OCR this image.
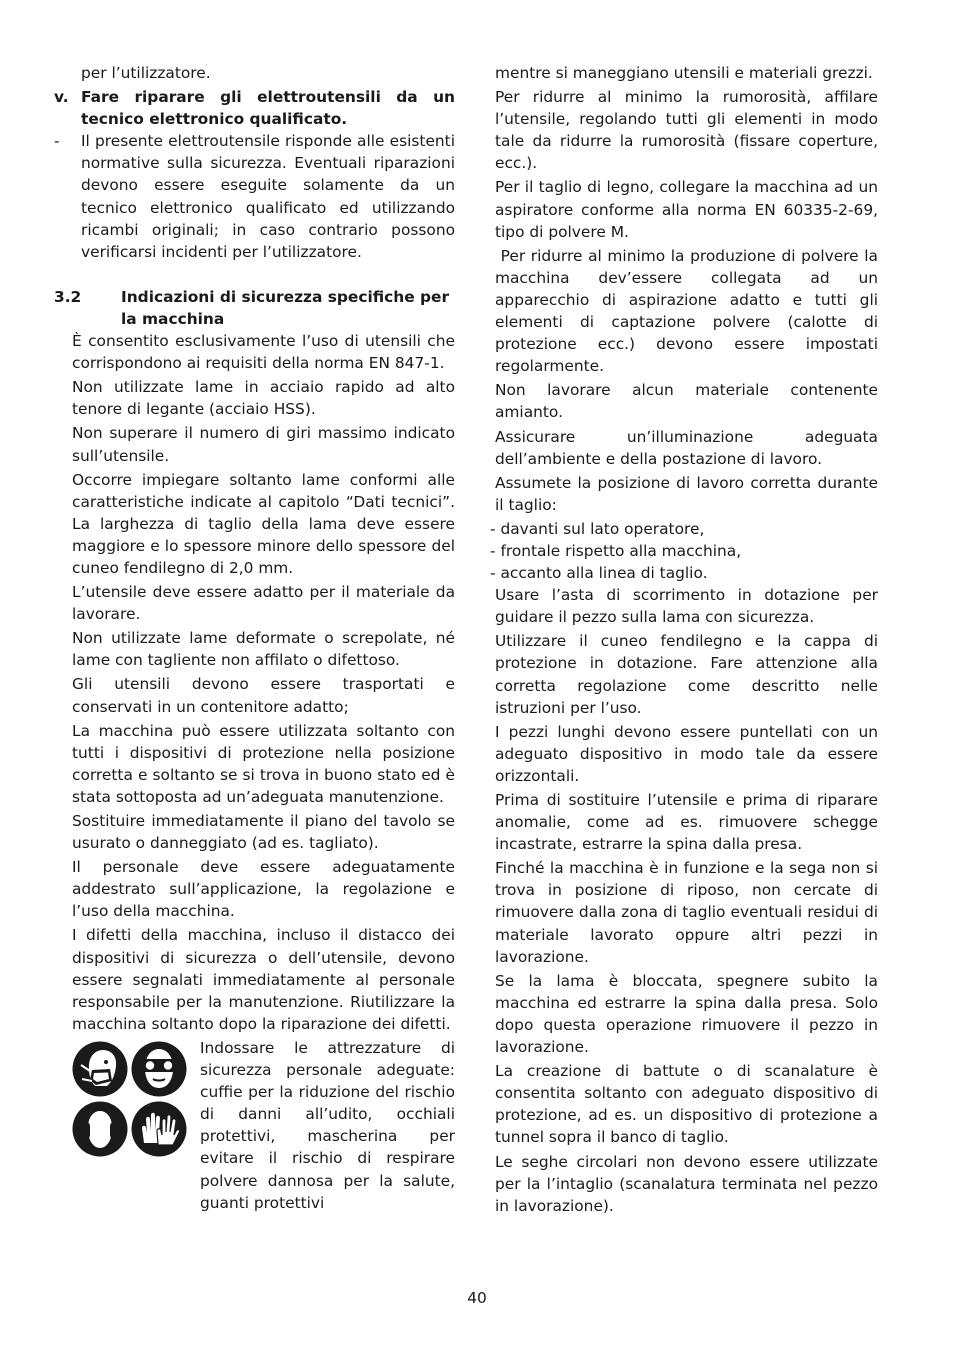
per l’utilizzatore.

v. Fare riparare gli elettroutensili da un tecnico elettronico qualificato.
- Il presente elettroutensile risponde alle esistenti normative sulla sicurezza. Eventuali riparazioni devono essere eseguite solamente da un tecnico elettronico qualificato ed utilizzando ricambi originali; in caso contrario possono verificarsi incidenti per l’utilizzatore.
3.2	Indicazioni di sicurezza specifiche per la macchina

È consentito esclusivamente l’uso di utensili che corrispondono ai requisiti della norma EN 847-1.

Non utilizzate lame in acciaio rapido ad alto tenore di legante (acciaio HSS).

Non superare il numero di giri massimo indicato sull’utensile.

Occorre impiegare soltanto lame conformi alle caratteristiche indicate al capitolo “Dati tecnici”. La larghezza di taglio della lama deve essere maggiore e lo spessore minore dello spessore del cuneo fendilegno di 2,0 mm.

L’utensile deve essere adatto per il materiale da lavorare.

Non utilizzate lame deformate o screpolate, né lame con tagliente non affilato o difettoso.

Gli utensili devono essere trasportati e conservati in un contenitore adatto;

La macchina può essere utilizzata soltanto con tutti i dispositivi di protezione nella posizione corretta e soltanto se si trova in buono stato ed è stata sottoposta ad un’adeguata manutenzione.

Sostituire immediatamente il piano del tavolo se usurato o danneggiato (ad es. tagliato).

Il personale deve essere adeguatamente addestrato sull’applicazione, la regolazione e l’uso della macchina.

I difetti della macchina, incluso il distacco dei dispositivi di sicurezza o dell’utensile, devono essere segnalati immediatamente al personale responsabile per la manutenzione. Riutilizzare la macchina soltanto dopo la riparazione dei difetti.

Indossare le attrezzature di sicurezza personale adeguate: cuffie per la riduzione del rischio di danni all’udito, occhiali protettivi, mascherina per evitare il rischio di respirare polvere dannosa per la salute, guanti protettivi

mentre si maneggiano utensili e materiali grezzi.

Per ridurre al minimo la rumorosità, affilare l’utensile, regolando tutti gli elementi in modo tale da ridurre la rumorosità (fissare coperture, ecc.).

Per il taglio di legno, collegare la macchina ad un aspiratore conforme alla norma EN 60335-2-69, tipo di polvere M.

Per ridurre al minimo la produzione di polvere la macchina dev’essere collegata ad un apparecchio di aspirazione adatto e tutti gli elementi di captazione polvere (calotte di protezione ecc.) devono essere impostati regolarmente.

Non lavorare alcun materiale contenente amianto.

Assicurare un’illuminazione adeguata dell’ambiente e della postazione di lavoro.

Assumete la posizione di lavoro corretta durante il taglio:

- davanti sul lato operatore,

- frontale rispetto alla macchina,

- accanto alla linea di taglio.

Usare l’asta di scorrimento in dotazione per guidare il pezzo sulla lama con sicurezza.

Utilizzare il cuneo fendilegno e la cappa di protezione in dotazione. Fare attenzione alla corretta regolazione come descritto nelle istruzioni per l’uso.

I pezzi lunghi devono essere puntellati con un adeguato dispositivo in modo tale da essere orizzontali.

Prima di sostituire l’utensile e prima di riparare anomalie, come ad es. rimuovere schegge incastrate, estrarre la spina dalla presa.

Finché la macchina è in funzione e la sega non si trova in posizione di riposo, non cercate di rimuovere dalla zona di taglio eventuali residui di materiale lavorato oppure altri pezzi in lavorazione.

Se la lama è bloccata, spegnere subito la macchina ed estrarre la spina dalla presa. Solo dopo questa operazione rimuovere il pezzo in lavorazione.

La creazione di battute o di scanalature è consentita soltanto con adeguato dispositivo di protezione, ad es. un dispositivo di protezione a tunnel sopra il banco di taglio.

Le seghe circolari non devono essere utilizzate per la l’intaglio (scanalatura terminata nel pezzo in lavorazione).

40
